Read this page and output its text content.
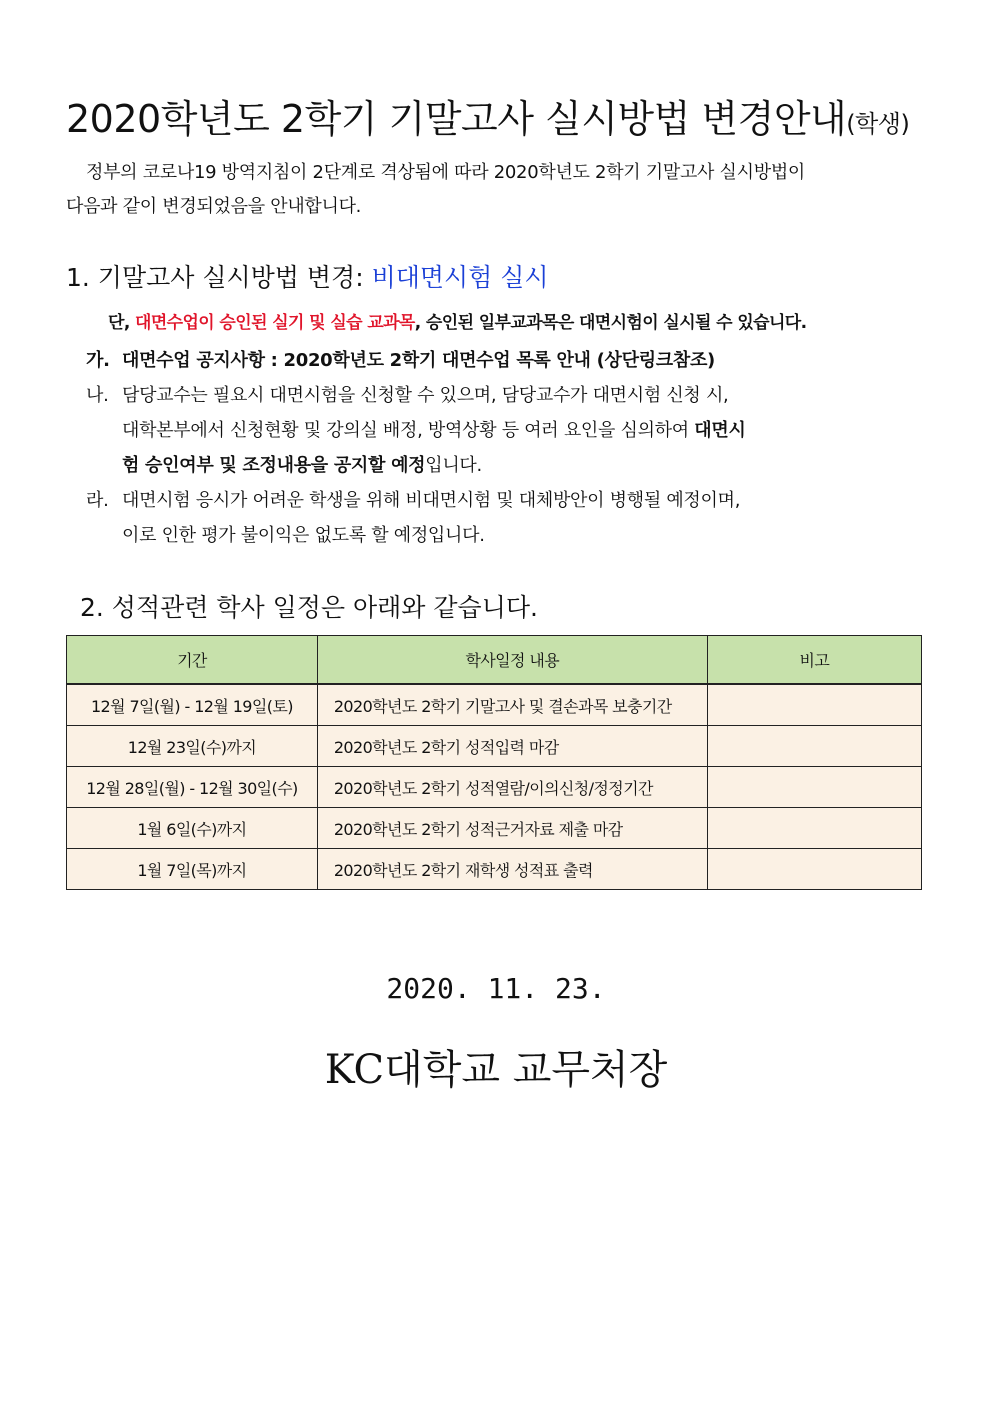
2020학년도 2학기 기말고사 실시방법 변경안내(학생)
정부의 코로나19 방역지침이 2단계로 격상됨에 따라 2020학년도 2학기 기말고사 실시방법이
다음과 같이 변경되었음을 안내합니다.
1. 기말고사 실시방법 변경: 비대면시험 실시
단, 대면수업이 승인된 실기 및 실습 교과목, 승인된 일부교과목은 대면시험이 실시될 수 있습니다.
가. 대면수업 공지사항 : 2020학년도 2학기 대면수업 목록 안내 (상단링크참조)
나. 담당교수는 필요시 대면시험을 신청할 수 있으며, 담당교수가 대면시험 신청 시,
대학본부에서 신청현황 및 강의실 배정, 방역상황 등 여러 요인을 심의하여 대면시
험 승인여부 및 조정내용을 공지할 예정입니다.
라. 대면시험 응시가 어려운 학생을 위해 비대면시험 및 대체방안이 병행될 예정이며,
이로 인한 평가 불이익은 없도록 할 예정입니다.
2. 성적관련 학사 일정은 아래와 같습니다.
기간	학사일정 내용	비고
12월 7일(월) - 12월 19일(토)	2020학년도 2학기 기말고사 및 결손과목 보충기간	
12월 23일(수)까지	2020학년도 2학기 성적입력 마감	
12월 28일(월) - 12월 30일(수)	2020학년도 2학기 성적열람/이의신청/정정기간	
1월 6일(수)까지	2020학년도 2학기 성적근거자료 제출 마감	
1월 7일(목)까지	2020학년도 2학기 재학생 성적표 출력	
2020. 11. 23.
KC대학교 교무처장
